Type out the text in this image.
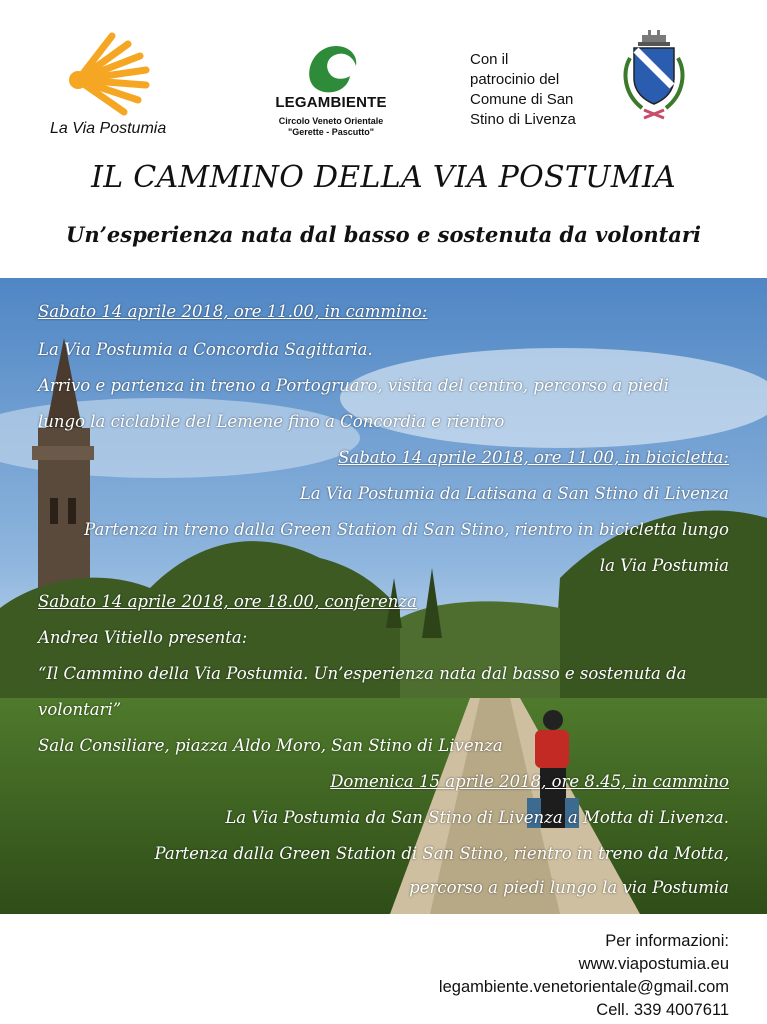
La Via Postumia
LEGAMBIENTE
Circolo Veneto Orientale
"Gerette - Pascutto"
Con il
patrocinio del
Comune di San
Stino di Livenza
IL CAMMINO DELLA VIA POSTUMIA
Un’esperienza nata dal basso e sostenuta da volontari
Sabato 14 aprile 2018, ore 11.00, in cammino:
La Via Postumia a Concordia Sagittaria.
Arrivo e partenza in treno a Portogruaro, visita del centro, percorso a piedi
lungo la ciclabile del Lemene fino a Concordia e rientro
Sabato 14 aprile 2018, ore 11.00, in bicicletta:
La Via Postumia da Latisana a San Stino di Livenza
Partenza in treno dalla Green Station di San Stino, rientro in bicicletta lungo
la Via Postumia
Sabato 14 aprile 2018, ore 18.00, conferenza
Andrea Vitiello presenta:
“Il Cammino della Via Postumia. Un’esperienza nata dal basso e sostenuta da
volontari”
Sala Consiliare, piazza Aldo Moro, San Stino di Livenza
Domenica 15 aprile 2018, ore 8.45, in cammino
La Via Postumia da San Stino di Livenza a Motta di Livenza.
Partenza dalla Green Station di San Stino, rientro in treno da Motta,
percorso a piedi lungo la via Postumia
Per informazioni:
www.viapostumia.eu
legambiente.venetorientale@gmail.com
Cell. 339 4007611
